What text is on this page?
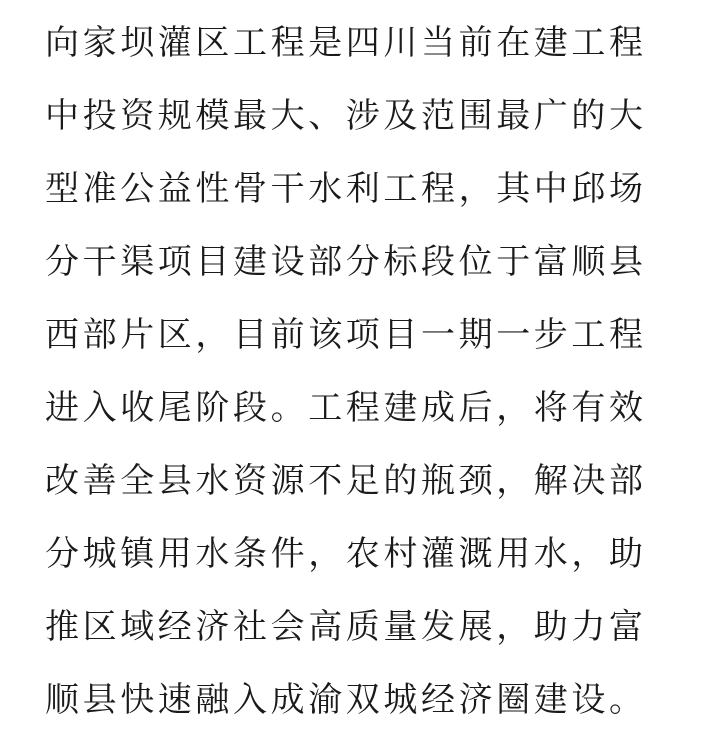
向家坝灌区工程是四川当前在建工程
中投资规模最大、涉及范围最广的大
型准公益性骨干水利工程，其中邱场
分干渠项目建设部分标段位于富顺县
西部片区，目前该项目一期一步工程
进入收尾阶段。工程建成后，将有效
改善全县水资源不足的瓶颈，解决部
分城镇用水条件，农村灌溉用水，助
推区域经济社会高质量发展，助力富
顺县快速融入成渝双城经济圈建设。
